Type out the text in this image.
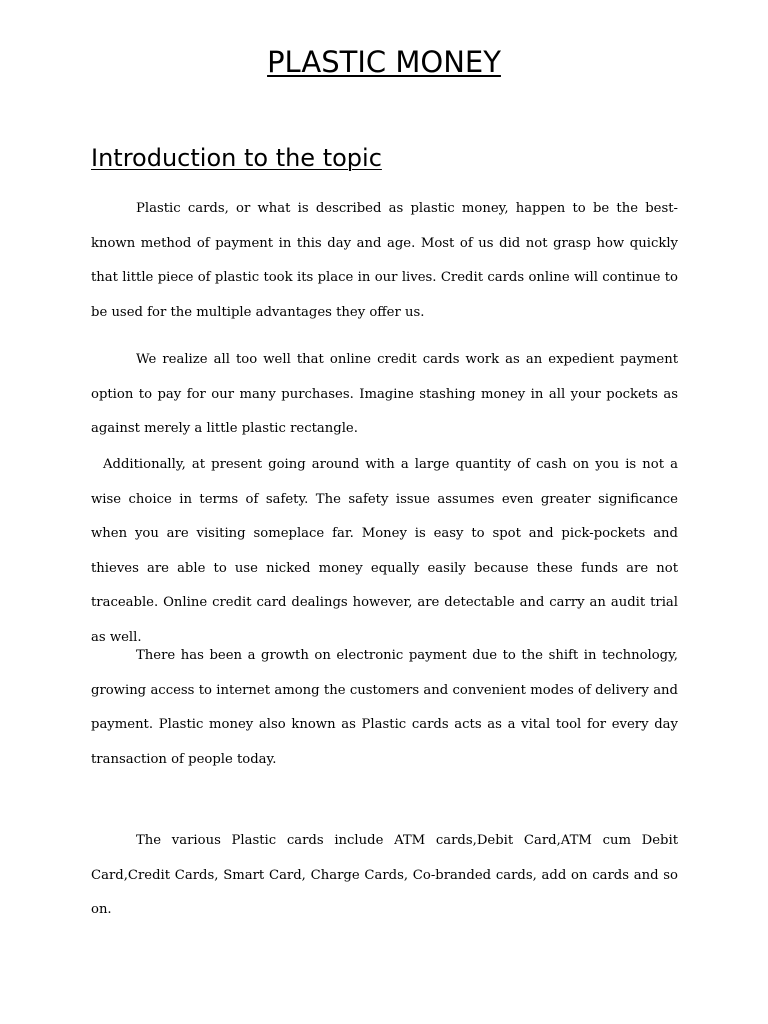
PLASTIC MONEY
Introduction to the topic

Plastic cards, or what is described as plastic money, happen to be the best-known method of payment in this day and age. Most of us did not grasp how quickly that little piece of plastic took its place in our lives. Credit cards online will continue to be used for the multiple advantages they offer us.

We realize all too well that online credit cards work as an expedient payment option to pay for our many purchases. Imagine stashing money in all your pockets as against merely a little plastic rectangle.

Additionally, at present going around with a large quantity of cash on you is not a wise choice in terms of safety. The safety issue assumes even greater significance when you are visiting someplace far. Money is easy to spot and pick-pockets and thieves are able to use nicked money equally easily because these funds are not traceable. Online credit card dealings however, are detectable and carry an audit trial as well.

There has been a growth on electronic payment due to the shift in technology, growing access to internet among the customers and convenient modes of delivery and payment. Plastic money also known as Plastic cards acts as a vital tool for every day transaction of people today.

The various Plastic cards include ATM cards,Debit Card,ATM cum Debit Card,Credit Cards, Smart Card, Charge Cards, Co-branded cards, add on cards and so on.
